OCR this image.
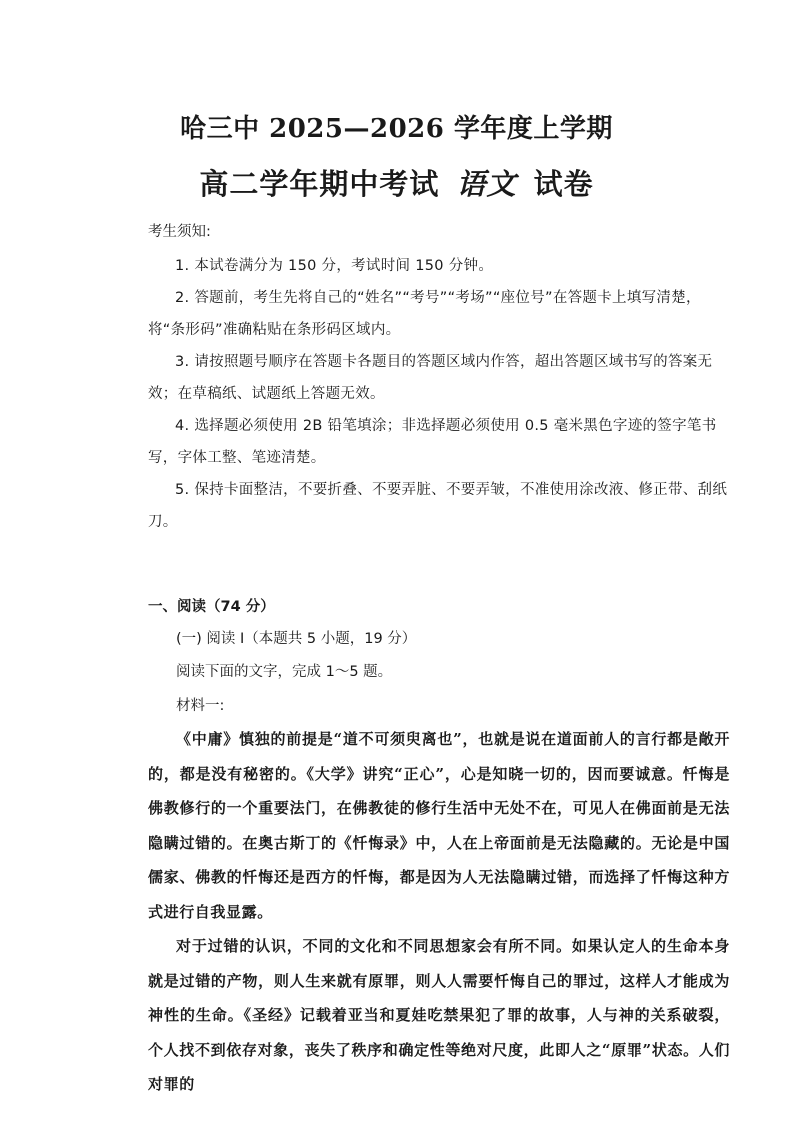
哈三中 2025—2026 学年度上学期
高二学年期中考试 语文 试卷
考生须知:
1. 本试卷满分为 150 分，考试时间 150 分钟。
2. 答题前，考生先将自己的“姓名”“考号”“考场”“座位号”在答题卡上填写清楚，将“条形码”准确粘贴在条形码区域内。
3. 请按照题号顺序在答题卡各题目的答题区域内作答，超出答题区域书写的答案无效；在草稿纸、试题纸上答题无效。
4. 选择题必须使用 2B 铅笔填涂；非选择题必须使用 0.5 毫米黑色字迹的签字笔书写，字体工整、笔迹清楚。
5. 保持卡面整洁，不要折叠、不要弄脏、不要弄皱，不准使用涂改液、修正带、刮纸刀。
一、阅读（74 分）
(一) 阅读 I（本题共 5 小题，19 分）
阅读下面的文字，完成 1～5 题。
材料一:
《中庸》慎独的前提是“道不可须臾离也”，也就是说在道面前人的言行都是敞开的，都是没有秘密的。《大学》讲究“正心”，心是知晓一切的，因而要诚意。忏悔是佛教修行的一个重要法门，在佛教徒的修行生活中无处不在，可见人在佛面前是无法隐瞒过错的。在奥古斯丁的《忏悔录》中，人在上帝面前是无法隐藏的。无论是中国儒家、佛教的忏悔还是西方的忏悔，都是因为人无法隐瞒过错，而选择了忏悔这种方式进行自我显露。
对于过错的认识，不同的文化和不同思想家会有所不同。如果认定人的生命本身就是过错的产物，则人生来就有原罪，则人人需要忏悔自己的罪过，这样人才能成为神性的生命。《圣经》记载着亚当和夏娃吃禁果犯了罪的故事，人与神的关系破裂，个人找不到依存对象，丧失了秩序和确定性等绝对尺度，此即人之“原罪”状态。人们对罪的
